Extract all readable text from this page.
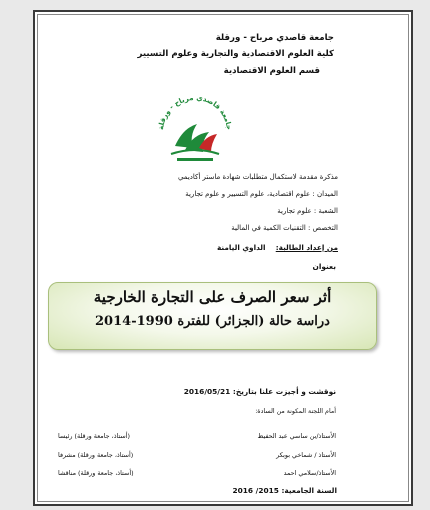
جامعة قاصدي مرباح - ورقلة
كلية العلوم الاقتصادية والتجارية وعلوم التسيير
قسم العلوم الاقتصادية
جامعة قاصدي مرباح - ورقلة
مذكرة مقدمة لاستكمال متطلبات شهادة ماستر أكاديمي
الميدان : علوم اقتصادية، علوم التسيير و علوم تجارية
الشعبة : علوم تجارية
التخصص : التقنيات الكمية في المالية
من إعداد الطالبة:    الداوي اليامنة
بعنوان
أثر سعر الصرف على التجارة الخارجية
دراسة حالة (الجزائر) للفترة 1990-2014
نوقشت و أجيزت علنا بتاريخ: 2016/05/21
أمام اللجنة المكونة من السادة:
الأستاذ/بن ساسي عبد الحفيظ
(أستاذ، جامعة ورقلة) رئيسا
الأستاذ / شماخي بوبكر
(أستاذ، جامعة ورقلة) مشرفا
الأستاذ/سلامي احمد
(أستاذ، جامعة ورقلة) مناقشا
السنة الجامعية: 2015/ 2016
